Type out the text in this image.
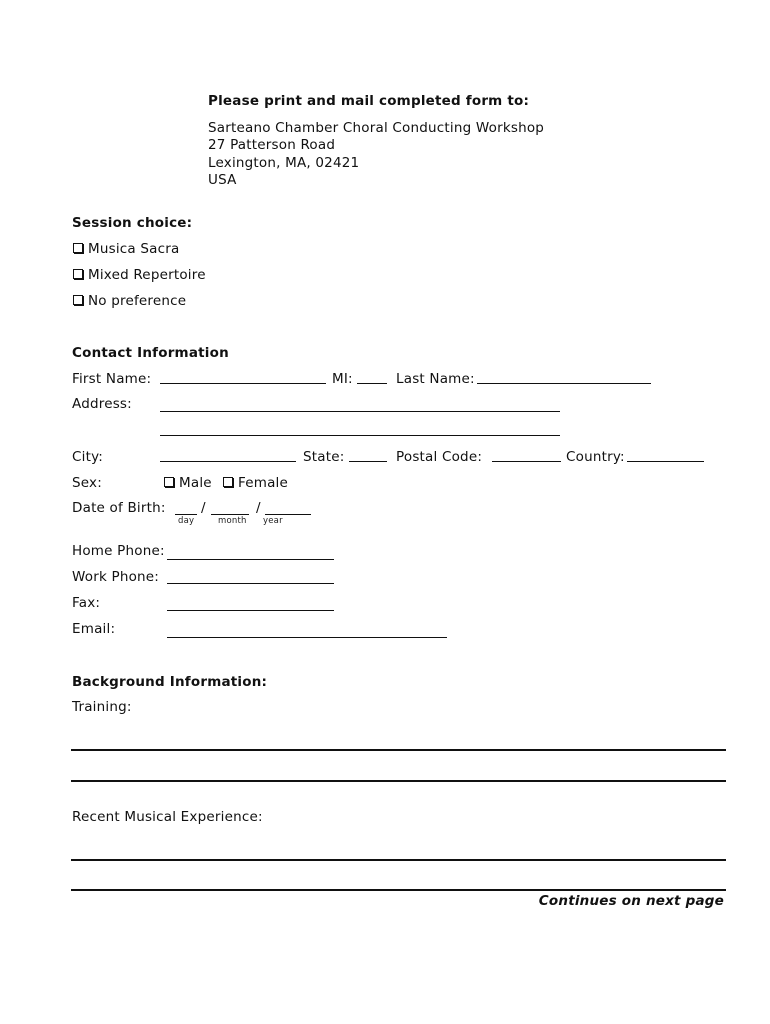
Please print and mail completed form to:
Sarteano Chamber Choral Conducting Workshop
27 Patterson Road
Lexington, MA, 02421
USA
Session choice:
Musica Sacra
Mixed Repertoire
No preference
Contact Information
First Name:	MI:	Last Name:
Address:
City:	State:	Postal Code:	Country:
Sex:	Male	Female
Date of Birth:	/	/
day	month year
Home Phone:
Work Phone:
Fax:
Email:
Background Information:
Training:
Recent Musical Experience:
Continues on next page
